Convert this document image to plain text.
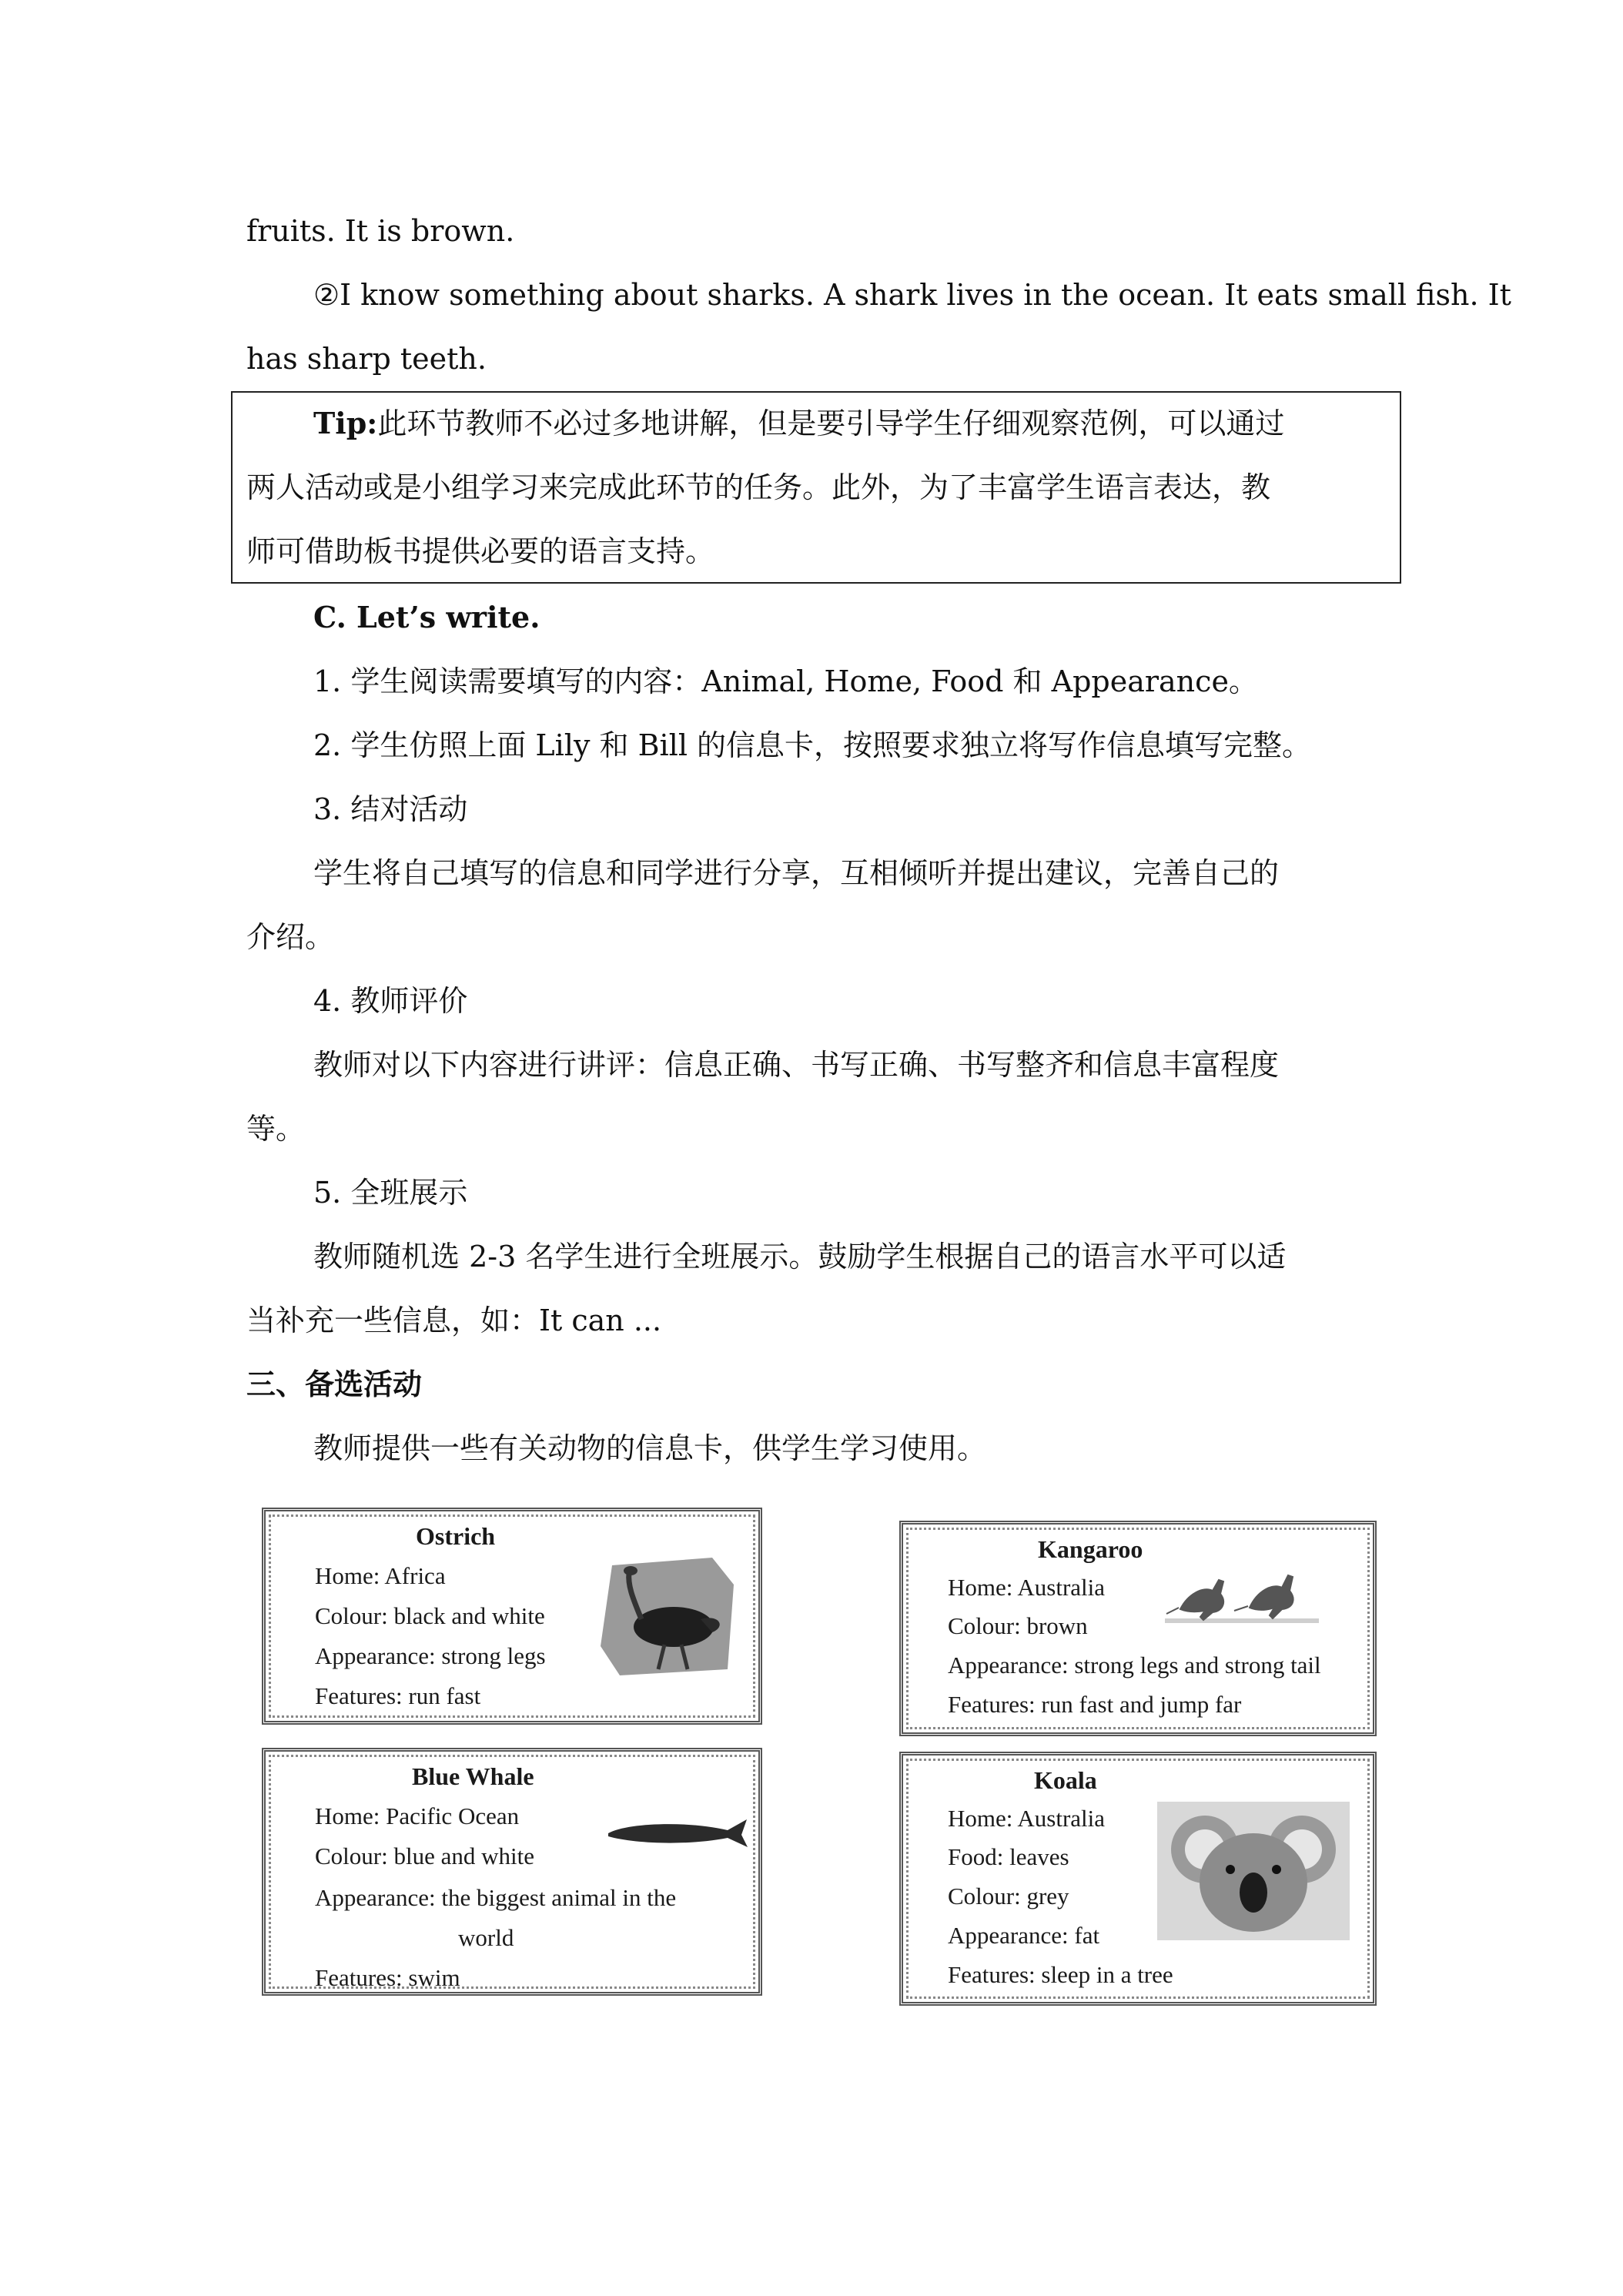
fruits. It is brown.
②I know something about sharks. A shark lives in the ocean. It eats small fish. It
has sharp teeth.
Tip:此环节教师不必过多地讲解，但是要引导学生仔细观察范例，可以通过
两人活动或是小组学习来完成此环节的任务。此外，为了丰富学生语言表达，教
师可借助板书提供必要的语言支持。
C. Let’s write.
1. 学生阅读需要填写的内容：Animal, Home, Food 和 Appearance。
2. 学生仿照上面 Lily 和 Bill 的信息卡，按照要求独立将写作信息填写完整。
3. 结对活动
学生将自己填写的信息和同学进行分享，互相倾听并提出建议，完善自己的
介绍。
4. 教师评价
教师对以下内容进行讲评：信息正确、书写正确、书写整齐和信息丰富程度
等。
5. 全班展示
教师随机选 2-3 名学生进行全班展示。鼓励学生根据自己的语言水平可以适
当补充一些信息，如：It can ...
三、备选活动
教师提供一些有关动物的信息卡，供学生学习使用。
Ostrich
Home: Africa
Colour: black and white
Appearance: strong legs
Features: run fast
Blue Whale
Home: Pacific Ocean
Colour: blue and white
Appearance: the biggest animal in the
world
Features: swim
Kangaroo
Home: Australia
Colour: brown
Appearance: strong legs and strong tail
Features: run fast and jump far
Koala
Home: Australia
Food: leaves
Colour: grey
Appearance: fat
Features: sleep in a tree
